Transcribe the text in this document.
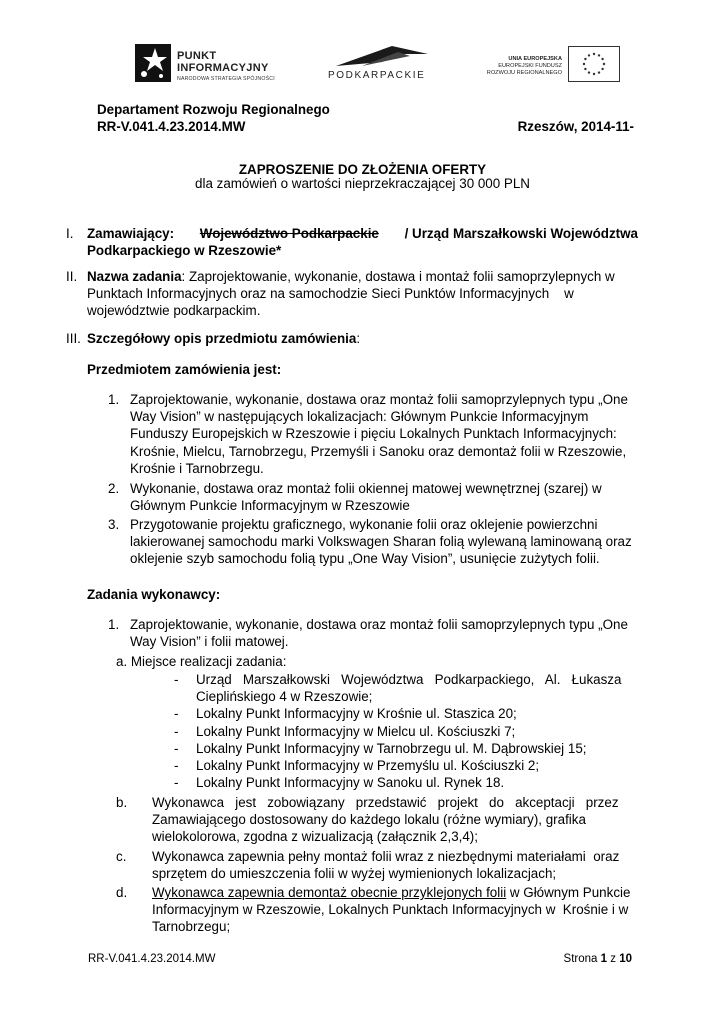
PUNKT
INFORMACYJNY
NARODOWA STRATEGIA SPÓJNOŚCI	PODKARPACKIE
UNIA EUROPEJSKA
EUROPEJSKI FUNDUSZ
ROZWOJU REGIONALNEGO
Departament Rozwoju Regionalnego
RR-V.041.4.23.2014.MW	Rzeszów, 2014-11-
ZAPROSZENIE DO ZŁOŻENIA OFERTY
dla zamówień o wartości nieprzekraczającej 30 000 PLN
I. Zamawiający: Województwo Podkarpackie / Urząd Marszałkowski Województwa
Podkarpackiego w Rzeszowie*
II. Nazwa zadania: Zaprojektowanie, wykonanie, dostawa i montaż folii samoprzylepnych w
Punktach Informacyjnych oraz na samochodzie Sieci Punktów Informacyjnych    w
województwie podkarpackim.
III. Szczegółowy opis przedmiotu zamówienia:
Przedmiotem zamówienia jest:
1. Zaprojektowanie, wykonanie, dostawa oraz montaż folii samoprzylepnych typu „One
Way Vision” w następujących lokalizacjach: Głównym Punkcie Informacyjnym
Funduszy Europejskich w Rzeszowie i pięciu Lokalnych Punktach Informacyjnych:
Krośnie, Mielcu, Tarnobrzegu, Przemyśli i Sanoku oraz demontaż folii w Rzeszowie,
Krośnie i Tarnobrzegu.
2. Wykonanie, dostawa oraz montaż folii okiennej matowej wewnętrznej (szarej) w
Głównym Punkcie Informacyjnym w Rzeszowie
3. Przygotowanie projektu graficznego, wykonanie folii oraz oklejenie powierzchni
lakierowanej samochodu marki Volkswagen Sharan folią wylewaną laminowaną oraz
oklejenie szyb samochodu folią typu „One Way Vision”, usunięcie zużytych folii.
Zadania wykonawcy:
1. Zaprojektowanie, wykonanie, dostawa oraz montaż folii samoprzylepnych typu „One
Way Vision” i folii matowej.
a. Miejsce realizacji zadania:
- Urząd   Marszałkowski   Województwa   Podkarpackiego,   Al.   Łukasza
Cieplińskiego 4 w Rzeszowie;
- Lokalny Punkt Informacyjny w Krośnie ul. Staszica 20;
- Lokalny Punkt Informacyjny w Mielcu ul. Kościuszki 7;
- Lokalny Punkt Informacyjny w Tarnobrzegu ul. M. Dąbrowskiej 15;
- Lokalny Punkt Informacyjny w Przemyślu ul. Kościuszki 2;
- Lokalny Punkt Informacyjny w Sanoku ul. Rynek 18.
b. Wykonawca   jest   zobowiązany   przedstawić   projekt   do   akceptacji   przez
Zamawiającego dostosowany do każdego lokalu (różne wymiary), grafika
wielokolorowa, zgodna z wizualizacją (załącznik 2,3,4);
c. Wykonawca zapewnia pełny montaż folii wraz z niezbędnymi materiałami  oraz
sprzętem do umieszczenia folii w wyżej wymienionych lokalizacjach;
d. Wykonawca zapewnia demontaż obecnie przyklejonych folii w Głównym Punkcie
Informacyjnym w Rzeszowie, Lokalnych Punktach Informacyjnych w  Krośnie i w
Tarnobrzegu;
RR-V.041.4.23.2014.MW	Strona 1 z 10
